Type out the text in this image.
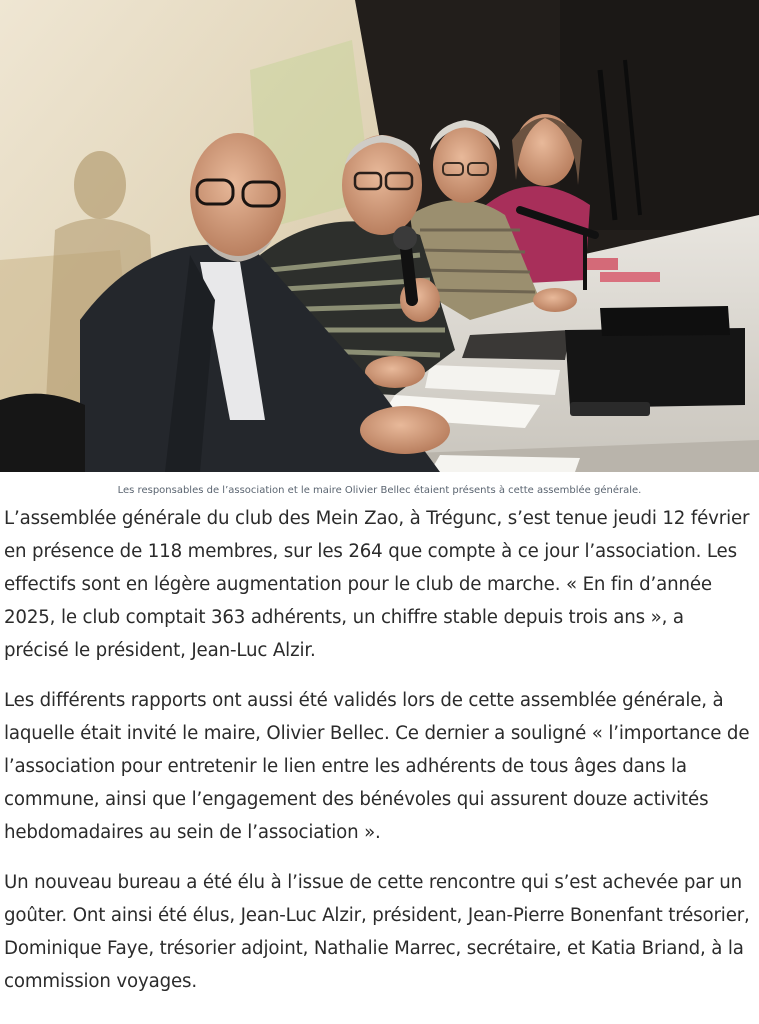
Les responsables de l’association et le maire Olivier Bellec étaient présents à cette assemblée générale.

L’assemblée générale du club des Mein Zao, à Trégunc, s’est tenue jeudi 12 février en présence de 118 membres, sur les 264 que compte à ce jour l’association. Les effectifs sont en légère augmentation pour le club de marche. « En fin d’année 2025, le club comptait 363 adhérents, un chiffre stable depuis trois ans », a précisé le président, Jean-Luc Alzir.

Les différents rapports ont aussi été validés lors de cette assemblée générale, à laquelle était invité le maire, Olivier Bellec. Ce dernier a souligné « l’importance de l’association pour entretenir le lien entre les adhérents de tous âges dans la commune, ainsi que l’engagement des bénévoles qui assurent douze activités hebdomadaires au sein de l’association ».

Un nouveau bureau a été élu à l’issue de cette rencontre qui s’est achevée par un goûter. Ont ainsi été élus, Jean-Luc Alzir, président, Jean-Pierre Bonenfant trésorier, Dominique Faye, trésorier adjoint, Nathalie Marrec, secrétaire, et Katia Briand, à la commission voyages.
